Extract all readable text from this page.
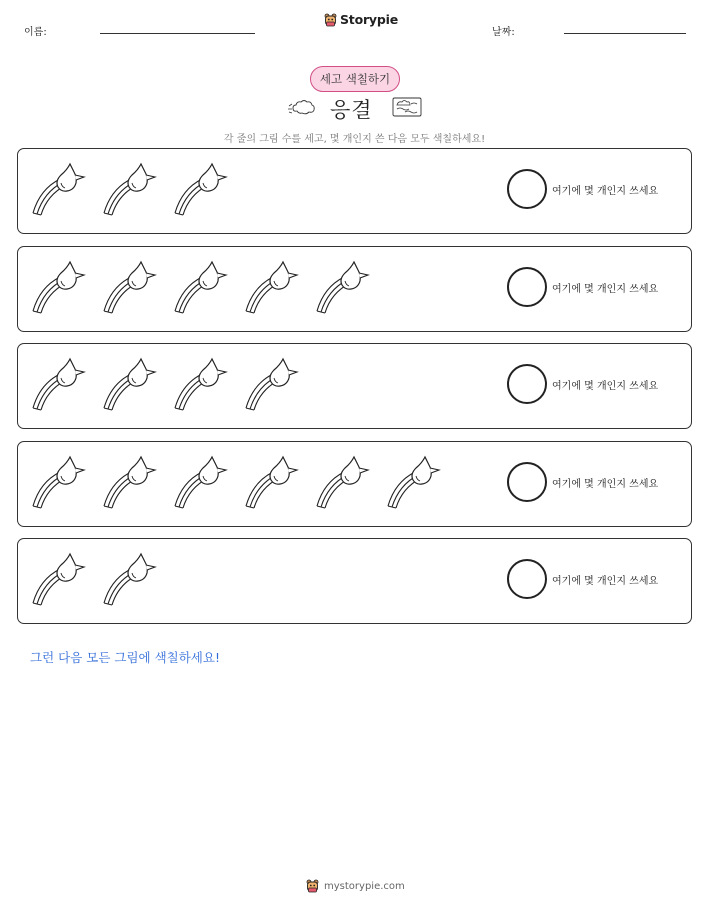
이름:
Storypie
날짜:
세고 색칠하기
응결
각 줄의 그림 수를 세고, 몇 개인지 쓴 다음 모두 색칠하세요!
여기에 몇 개인지 쓰세요
여기에 몇 개인지 쓰세요
여기에 몇 개인지 쓰세요
여기에 몇 개인지 쓰세요
여기에 몇 개인지 쓰세요
그런 다음 모든 그림에 색칠하세요!
mystorypie.com
